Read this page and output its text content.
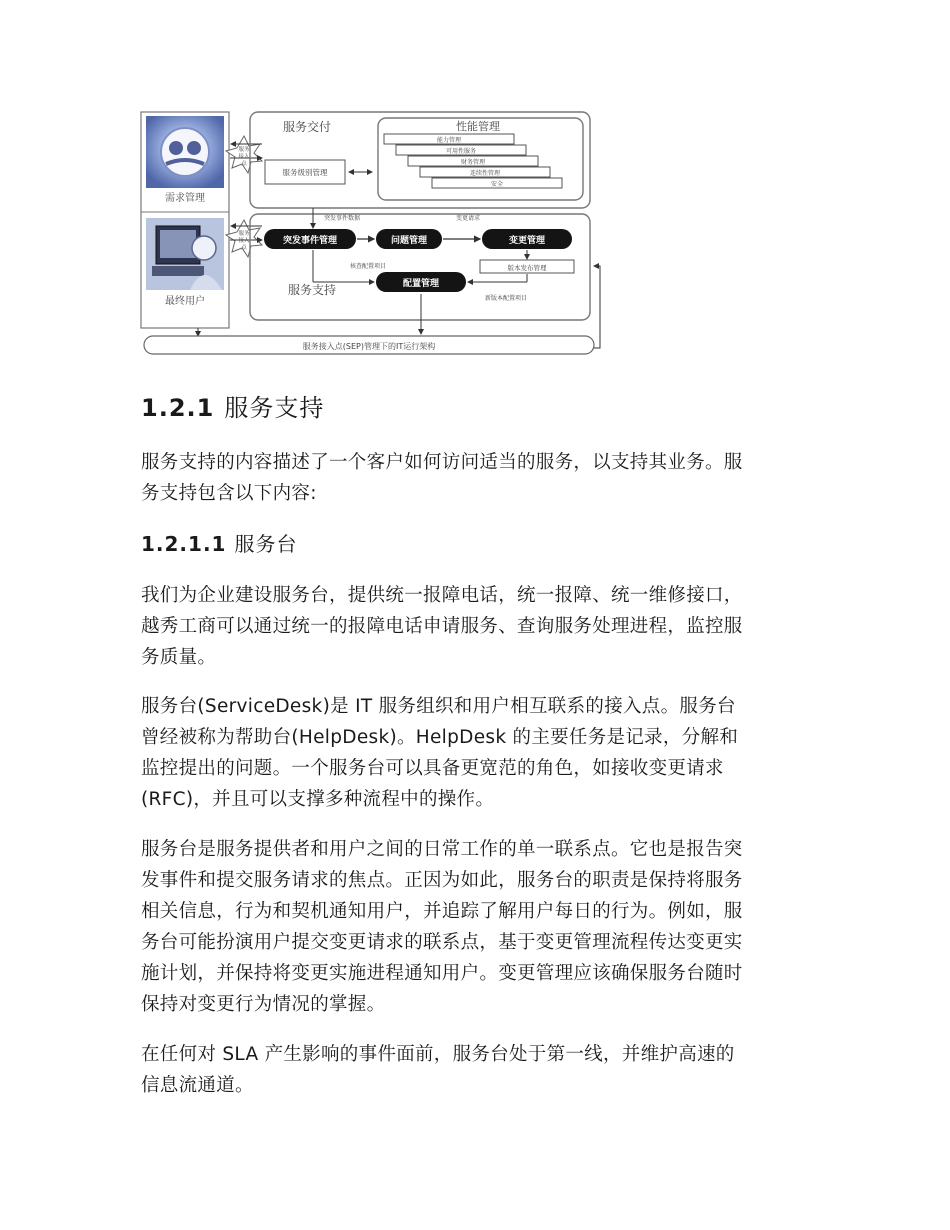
需求管理
最终用户
服务
接入
点
服务
接入
点
服务交付
服务级别管理
性能管理
能力管理
可用性服务
财务管理
连续性管理
安全
服务支持
突发事件数据	变更请求
突发事件管理	问题管理	变更管理
版本发布管理
核查配置项目
新版本配置项目
配置管理
服务接入点(SEP)管理下的IT运行架构
1.2.1 服务支持
服务支持的内容描述了一个客户如何访问适当的服务，以支持其业务。服
务支持包含以下内容:
1.2.1.1 服务台
我们为企业建设服务台，提供统一报障电话，统一报障、统一维修接口，
越秀工商可以通过统一的报障电话申请服务、查询服务处理进程，监控服
务质量。
服务台(ServiceDesk)是 IT 服务组织和用户相互联系的接入点。服务台
曾经被称为帮助台(HelpDesk)。HelpDesk 的主要任务是记录，分解和
监控提出的问题。一个服务台可以具备更宽范的角色，如接收变更请求
(RFC)，并且可以支撑多种流程中的操作。
服务台是服务提供者和用户之间的日常工作的单一联系点。它也是报告突
发事件和提交服务请求的焦点。正因为如此，服务台的职责是保持将服务
相关信息，行为和契机通知用户，并追踪了解用户每日的行为。例如，服
务台可能扮演用户提交变更请求的联系点，基于变更管理流程传达变更实
施计划，并保持将变更实施进程通知用户。变更管理应该确保服务台随时
保持对变更行为情况的掌握。
在任何对 SLA 产生影响的事件面前，服务台处于第一线，并维护高速的
信息流通道。
